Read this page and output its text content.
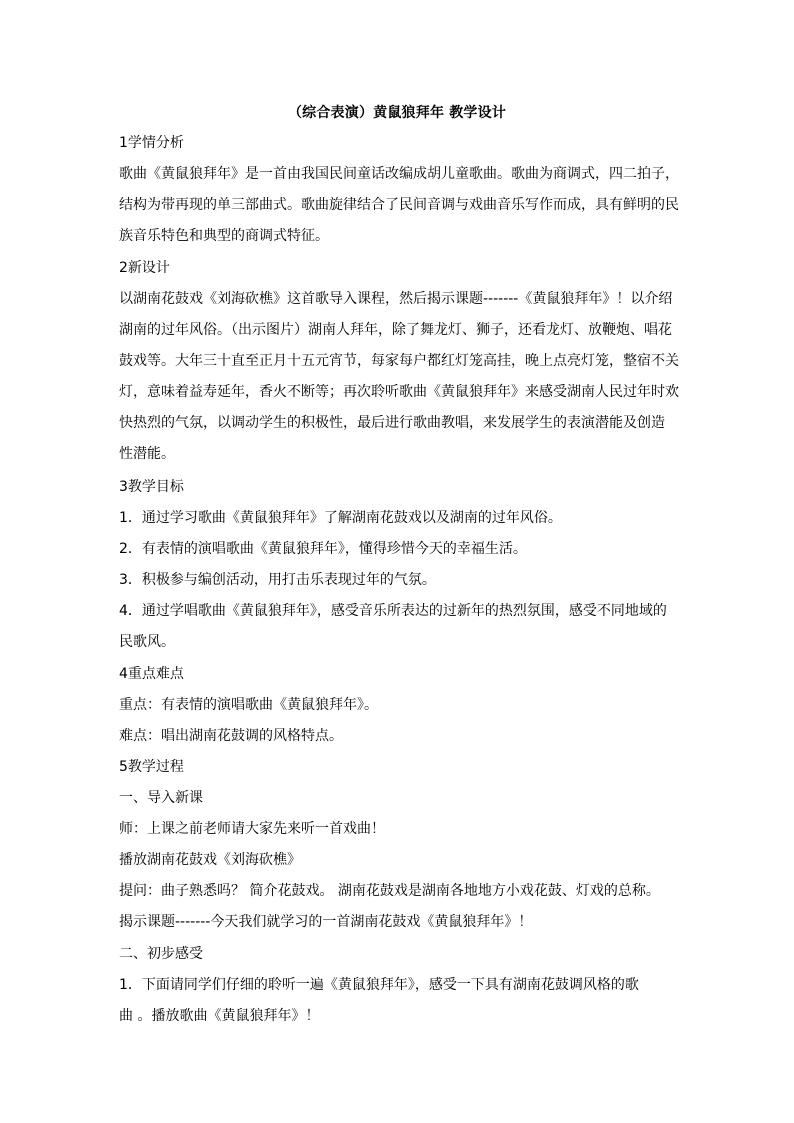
（综合表演）黄鼠狼拜年 教学设计

1学情分析

歌曲《黄鼠狼拜年》是一首由我国民间童话改编成胡儿童歌曲。歌曲为商调式，四二拍子，
结构为带再现的单三部曲式。歌曲旋律结合了民间音调与戏曲音乐写作而成，具有鲜明的民
族音乐特色和典型的商调式特征。

2新设计

以湖南花鼓戏《刘海砍樵》这首歌导入课程，然后揭示课题-------《黄鼠狼拜年》！以介绍
湖南的过年风俗。（出示图片）湖南人拜年，除了舞龙灯、狮子，还看龙灯、放鞭炮、唱花
鼓戏等。大年三十直至正月十五元宵节，每家每户都红灯笼高挂，晚上点亮灯笼，整宿不关
灯，意味着益寿延年，香火不断等；再次聆听歌曲《黄鼠狼拜年》来感受湖南人民过年时欢
快热烈的气氛，以调动学生的积极性，最后进行歌曲教唱，来发展学生的表演潜能及创造
性潜能。

3教学目标

1．通过学习歌曲《黄鼠狼拜年》了解湖南花鼓戏以及湖南的过年风俗。

2．有表情的演唱歌曲《黄鼠狼拜年》，懂得珍惜今天的幸福生活。

3．积极参与编创活动，用打击乐表现过年的气氛。

4．通过学唱歌曲《黄鼠狼拜年》，感受音乐所表达的过新年的热烈氛围，感受不同地域的
民歌风。

4重点难点

重点：有表情的演唱歌曲《黄鼠狼拜年》。

难点：唱出湖南花鼓调的风格特点。

5教学过程

一、导入新课

师：上课之前老师请大家先来听一首戏曲！

播放湖南花鼓戏《刘海砍樵》

提问：曲子熟悉吗？ 简介花鼓戏。 湖南花鼓戏是湖南各地地方小戏花鼓、灯戏的总称。

揭示课题-------今天我们就学习的一首湖南花鼓戏《黄鼠狼拜年》！

二、初步感受

1．下面请同学们仔细的聆听一遍《黄鼠狼拜年》，感受一下具有湖南花鼓调风格的歌
曲 。播放歌曲《黄鼠狼拜年》！
